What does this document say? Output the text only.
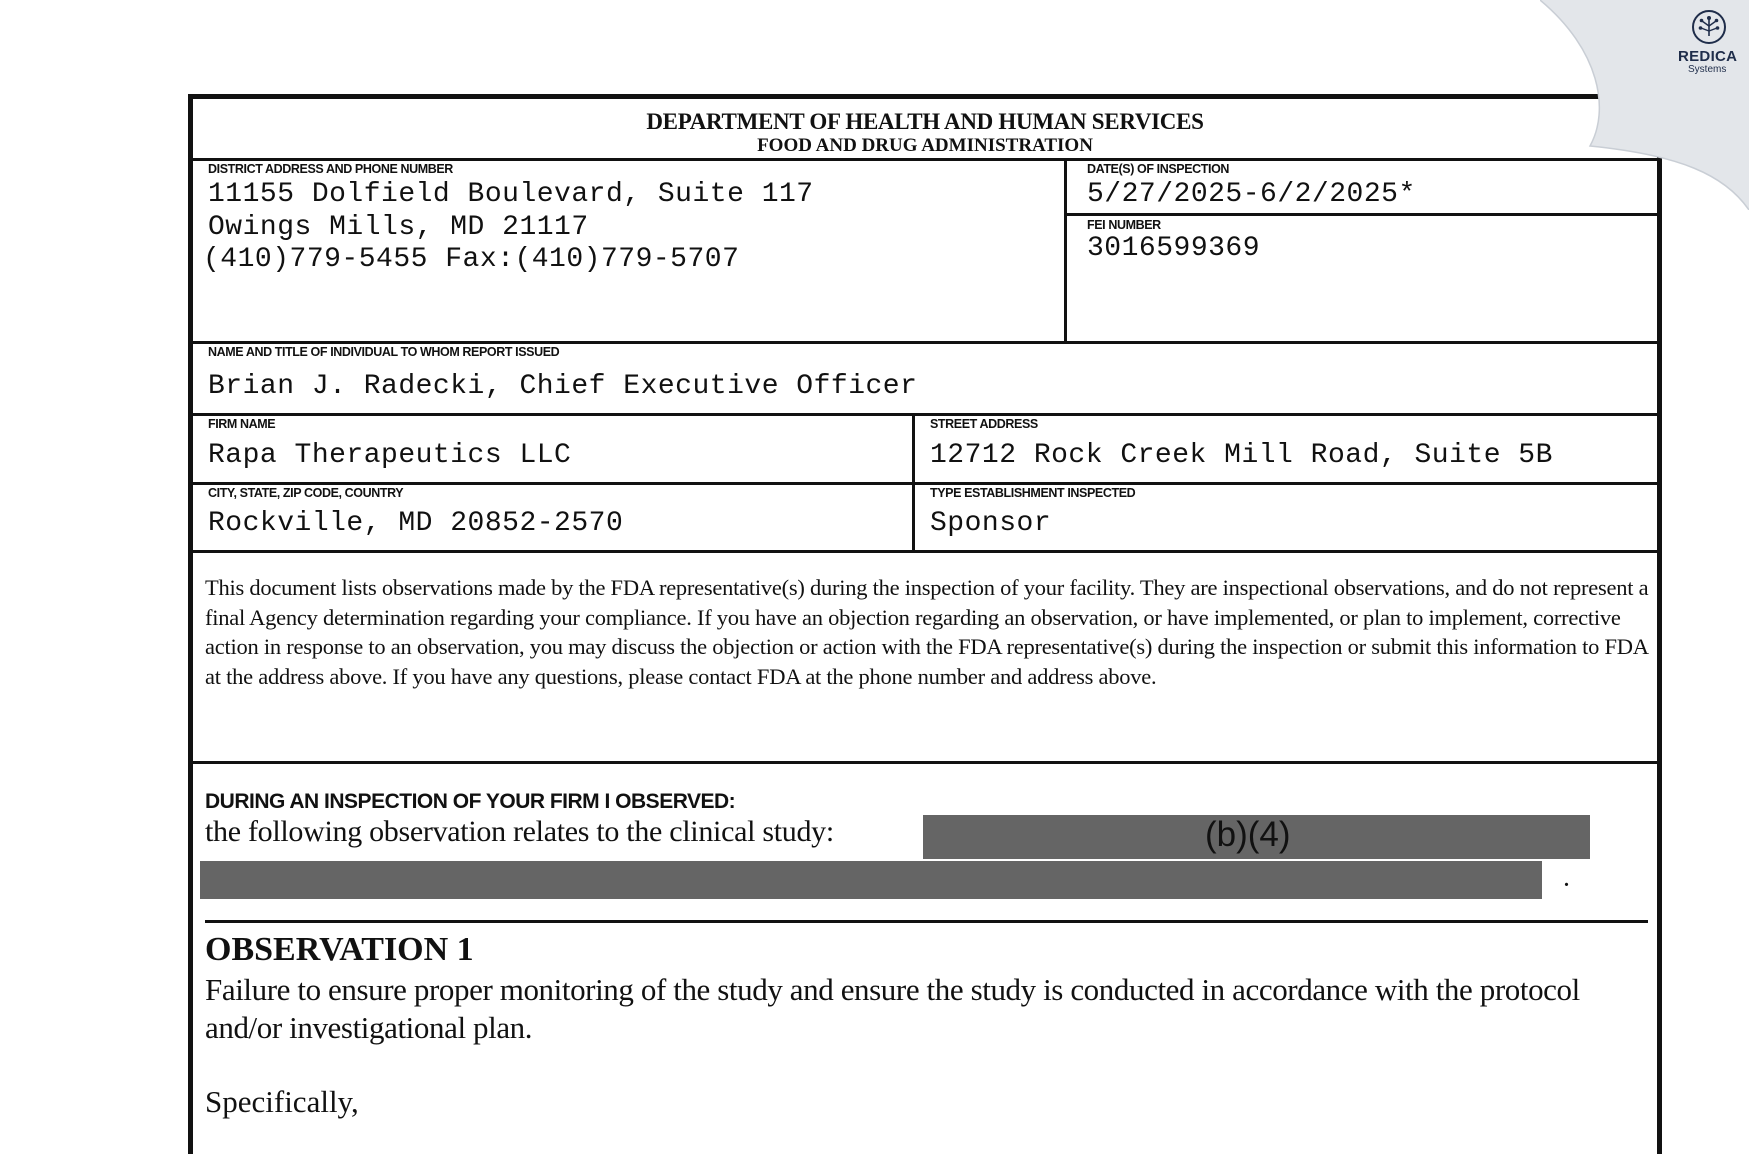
DEPARTMENT OF HEALTH AND HUMAN SERVICES
FOOD AND DRUG ADMINISTRATION
DISTRICT ADDRESS AND PHONE NUMBER
11155 Dolfield Boulevard, Suite 117
Owings Mills, MD 21117
(410)779-5455 Fax:(410)779-5707
DATE(S) OF INSPECTION
5/27/2025-6/2/2025*
FEI NUMBER
3016599369
NAME AND TITLE OF INDIVIDUAL TO WHOM REPORT ISSUED
Brian J. Radecki, Chief Executive Officer
FIRM NAME
Rapa Therapeutics LLC
STREET ADDRESS
12712 Rock Creek Mill Road, Suite 5B
CITY, STATE, ZIP CODE, COUNTRY
Rockville, MD 20852-2570
TYPE ESTABLISHMENT INSPECTED
Sponsor
This document lists observations made by the FDA representative(s) during the inspection of your facility. They are inspectional observations, and do not represent a final Agency determination regarding your compliance. If you have an objection regarding an observation, or have implemented, or plan to implement, corrective action in response to an observation, you may discuss the objection or action with the FDA representative(s) during the inspection or submit this information to FDA at the address above. If you have any questions, please contact FDA at the phone number and address above.
DURING AN INSPECTION OF YOUR FIRM I OBSERVED:
the following observation relates to the clinical study:	(b)(4)
.
OBSERVATION 1
Failure to ensure proper monitoring of the study and ensure the study is conducted in accordance with the protocol and/or investigational plan.
Specifically,
REDICA
Systems
